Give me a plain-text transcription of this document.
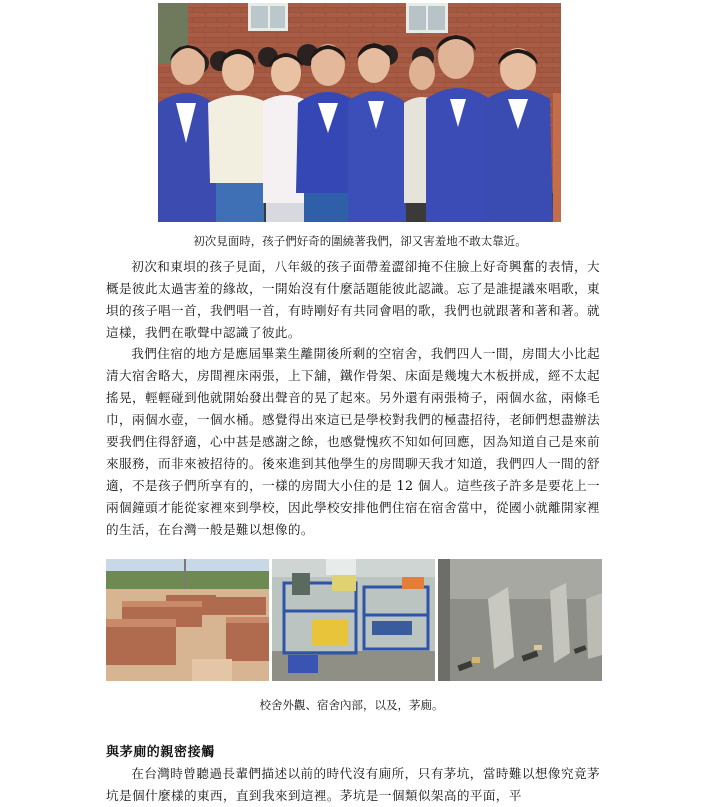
初次見面時，孩子們好奇的圍繞著我們，卻又害羞地不敢太靠近。
初次和東垻的孩子見面，八年級的孩子面帶羞澀卻掩不住臉上好奇興奮的表情，大概是彼此太過害羞的緣故，一開始沒有什麼話題能彼此認識。忘了是誰提議來唱歌，東垻的孩子唱一首，我們唱一首，有時剛好有共同會唱的歌，我們也就跟著和著和著。就這樣，我們在歌聲中認識了彼此。
我們住宿的地方是應屆畢業生離開後所剩的空宿舍，我們四人一間，房間大小比起清大宿舍略大，房間裡床兩張，上下舖，鐵作骨架、床面是幾塊大木板拼成，經不太起搖晃，輕輕碰到他就開始發出聲音的晃了起來。另外還有兩張椅子，兩個水盆，兩條毛巾，兩個水壺，一個水桶。感覺得出來這已是學校對我們的極盡招待，老師們想盡辦法要我們住得舒適，心中甚是感謝之餘，也感覺愧疚不知如何回應，因為知道自己是來前來服務，而非來被招待的。後來進到其他學生的房間聊天我才知道，我們四人一間的舒適，不是孩子們所享有的，一樣的房間大小住的是 12 個人。這些孩子許多是要花上一兩個鐘頭才能從家裡來到學校，因此學校安排他們住宿在宿舍當中，從國小就離開家裡的生活，在台灣一般是難以想像的。
校舍外觀、宿舍內部，以及，茅廁。
與茅廁的親密接觸
在台灣時曾聽過長輩們描述以前的時代沒有廁所，只有茅坑，當時難以想像究竟茅坑是個什麼樣的東西，直到我來到這裡。茅坑是一個類似架高的平面，平
